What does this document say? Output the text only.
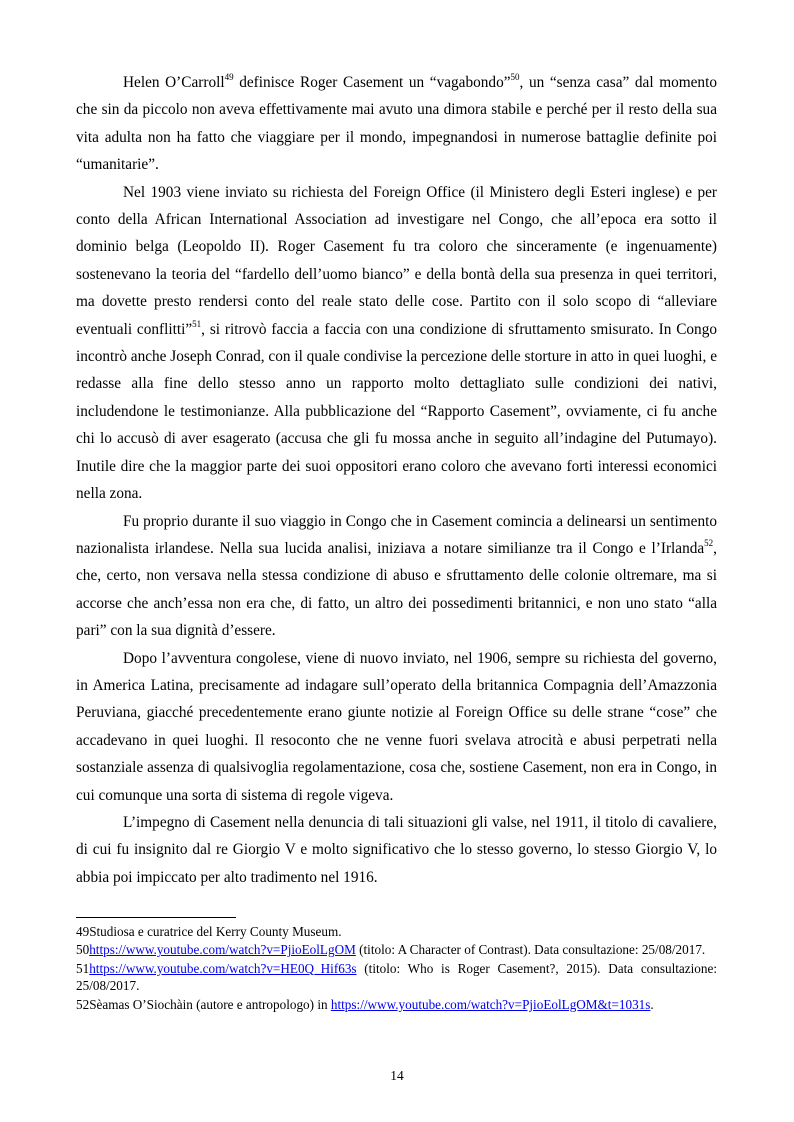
Helen O’Carroll$^{49}$ definisce Roger Casement un “vagabondo”$^{50}$, un “senza casa” dal momento che sin da piccolo non aveva effettivamente mai avuto una dimora stabile e perché per il resto della sua vita adulta non ha fatto che viaggiare per il mondo, impegnandosi in numerose battaglie definite poi “umanitarie”.

Nel 1903 viene inviato su richiesta del Foreign Office (il Ministero degli Esteri inglese) e per conto della African International Association ad investigare nel Congo, che all’epoca era sotto il dominio belga (Leopoldo II). Roger Casement fu tra coloro che sinceramente (e ingenuamente) sostenevano la teoria del “fardello dell’uomo bianco” e della bontà della sua presenza in quei territori, ma dovette presto rendersi conto del reale stato delle cose. Partito con il solo scopo di “alleviare eventuali conflitti”$^{51}$, si ritrovò faccia a faccia con una condizione di sfruttamento smisurato. In Congo incontrò anche Joseph Conrad, con il quale condivise la percezione delle storture in atto in quei luoghi, e redasse alla fine dello stesso anno un rapporto molto dettagliato sulle condizioni dei nativi, includendone le testimonianze. Alla pubblicazione del “Rapporto Casement”, ovviamente, ci fu anche chi lo accusò di aver esagerato (accusa che gli fu mossa anche in seguito all’indagine del Putumayo). Inutile dire che la maggior parte dei suoi oppositori erano coloro che avevano forti interessi economici nella zona.

Fu proprio durante il suo viaggio in Congo che in Casement comincia a delinearsi un sentimento nazionalista irlandese. Nella sua lucida analisi, iniziava a notare similianze tra il Congo e l’Irlanda$^{52}$, che, certo, non versava nella stessa condizione di abuso e sfruttamento delle colonie oltremare, ma si accorse che anch’essa non era che, di fatto, un altro dei possedimenti britannici, e non uno stato “alla pari” con la sua dignità d’essere.

Dopo l’avventura congolese, viene di nuovo inviato, nel 1906, sempre su richiesta del governo, in America Latina, precisamente ad indagare sull’operato della britannica Compagnia dell’Amazzonia Peruviana, giacché precedentemente erano giunte notizie al Foreign Office su delle strane “cose” che accadevano in quei luoghi. Il resoconto che ne venne fuori svelava atrocità e abusi perpetrati nella sostanziale assenza di qualsivoglia regolamentazione, cosa che, sostiene Casement, non era in Congo, in cui comunque una sorta di sistema di regole vigeva.

L’impegno di Casement nella denuncia di tali situazioni gli valse, nel 1911, il titolo di cavaliere, di cui fu insignito dal re Giorgio V e molto significativo che lo stesso governo, lo stesso Giorgio V, lo abbia poi impiccato per alto tradimento nel 1916.

49Studiosa e curatrice del Kerry County Museum.
50https://www.youtube.com/watch?v=PjioEolLgOM (titolo: A Character of Contrast). Data consultazione: 25/08/2017.
51https://www.youtube.com/watch?v=HE0Q_Hif63s (titolo: Who is Roger Casement?, 2015). Data consultazione: 25/08/2017.
52Sèamas O’Siochàin (autore e antropologo) in https://www.youtube.com/watch?v=PjioEolLgOM&t=1031s.
14
